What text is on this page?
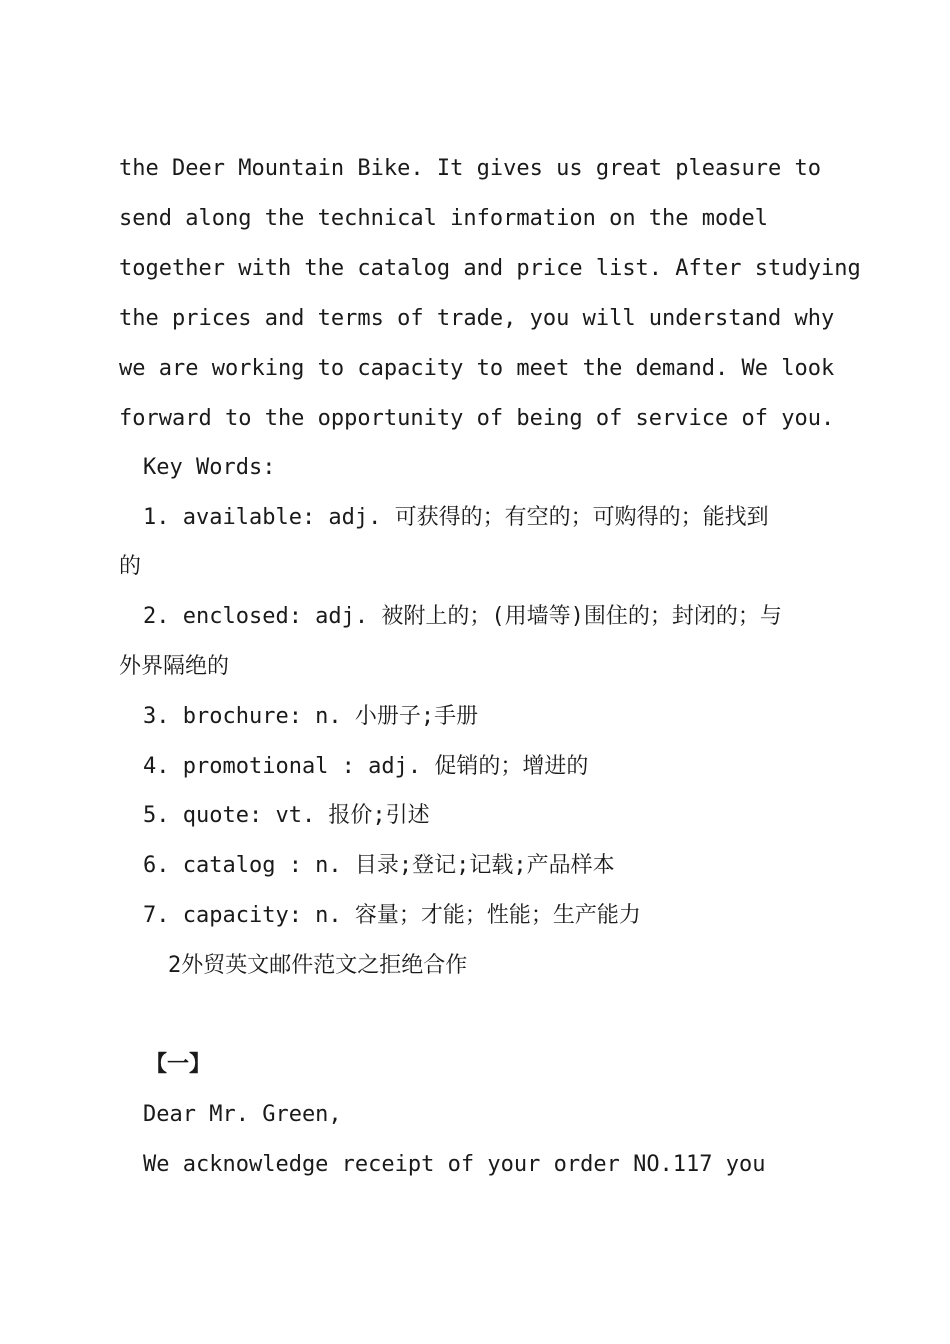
the Deer Mountain Bike. It gives us great pleasure to
send along the technical information on the model
together with the catalog and price list. After studying
the prices and terms of trade, you will understand why
we are working to capacity to meet the demand. We look
forward to the opportunity of being of service of you.
Key Words:
1. available: adj. 可获得的；有空的；可购得的；能找到
的
2. enclosed: adj. 被附上的；(用墙等)围住的；封闭的；与
外界隔绝的
3. brochure: n. 小册子;手册
4. promotional : adj. 促销的；增进的
5. quote: vt. 报价;引述
6. catalog : n. 目录;登记;记载;产品样本
7. capacity: n. 容量；才能；性能；生产能力
2外贸英文邮件范文之拒绝合作
【一】
Dear Mr. Green,
We acknowledge receipt of your order NO.117 you
